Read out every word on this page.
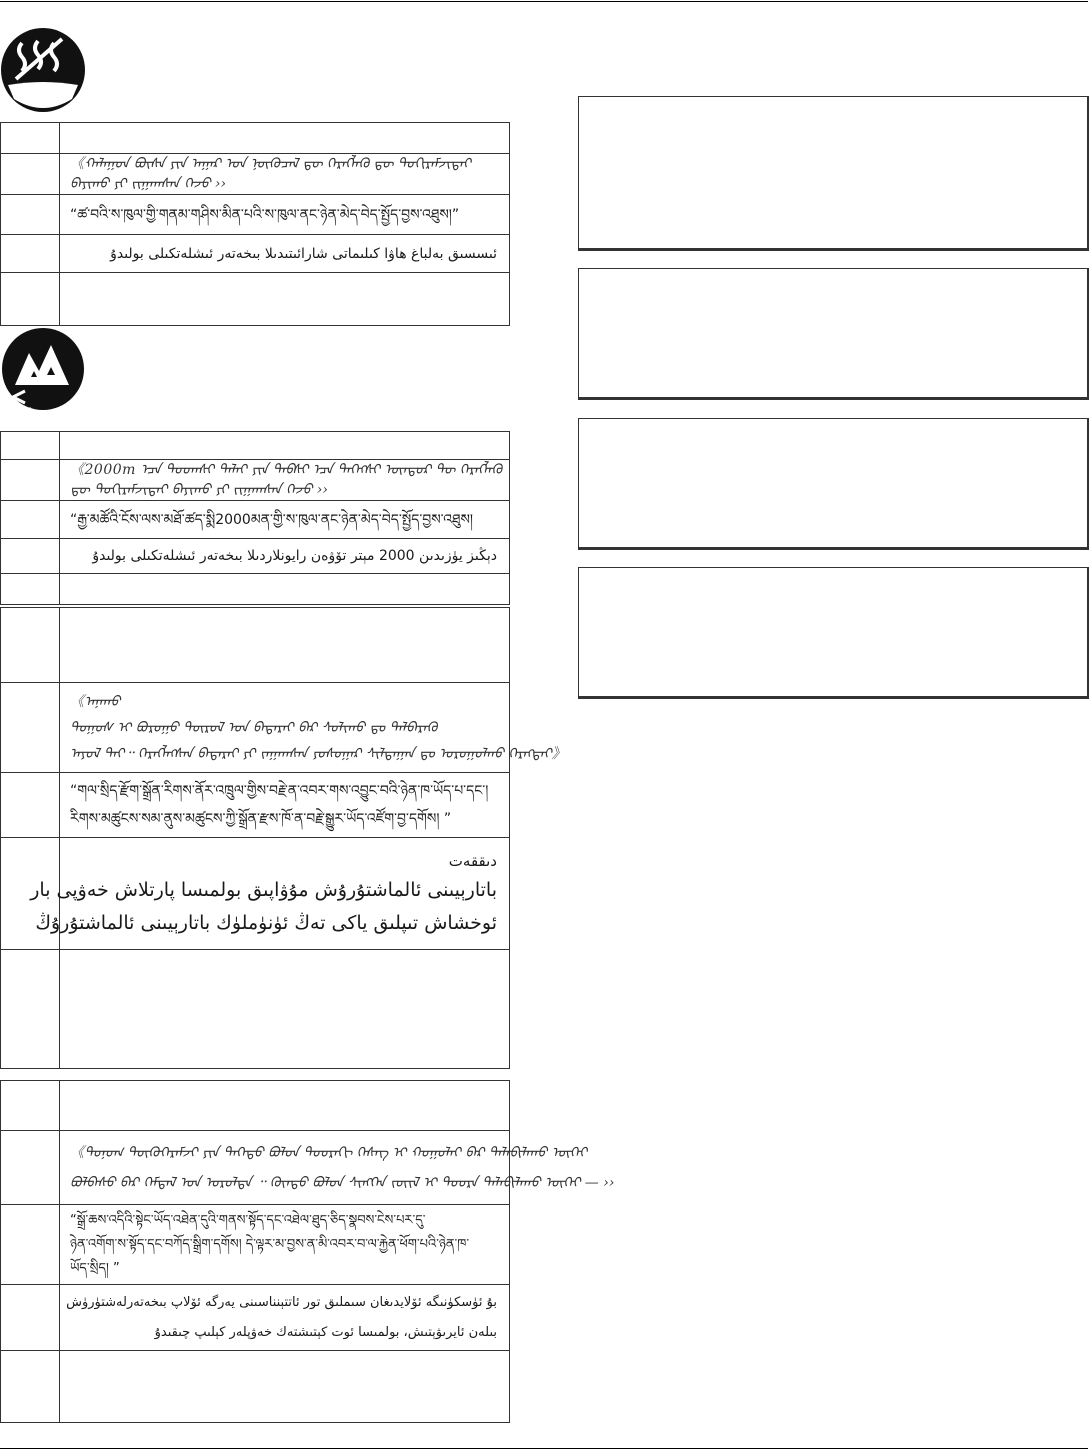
	《ᠬᠠᠯᠠᠭᠤᠨ ᠪᠦᠰᠡ ᠶᠢᠨ ᠠᠭᠠᠷ ᠤᠨ ᠨᠥᠬᠦᠴᠡᠯ ᠳᠦ ᠬᠡᠷᠡᠭᠯᠡᠬᠦ ᠳᠦ ᠲᠣᠬᠢᠷᠠᠮᠵᠢᠲᠠᠢ ᠪᠠᠶᠢᠬᠤ ᠶᠢ ᠵᠢᠭᠠᠭᠰᠠᠨ ᠭᠡᠵᠦ ››
	“ཚ་བའི་ས་ཁུལ་གྱི་གནམ་གཤིས་མིན་པའི་ས་ཁུལ་ནང་ཉེན་མེད་བེད་སྤྱོད་བྱས་འཐུས།”
	ئىسسىق بەلباغ ھاۋا كىلىماتى شارائىتىدىلا بىخەتەر ئىشلەتكىلى بولىدۇ

	《2000m ᠡᠴᠡ ᠳᠣᠣᠭᠰᠢ ᠳᠠᠯᠠᠢ ᠶᠢᠨ ᠲᠡᠪᠰᠢ ᠡᠴᠡ ᠳᠡᠭᠡᠭᠰᠢ ᠥᠨᠳᠦᠷ ᠲᠦ ᠬᠡᠷᠡᠭᠯᠡᠬᠦ ᠳᠦ ᠲᠣᠬᠢᠷᠠᠮᠵᠢᠲᠠᠢ ᠪᠠᠶᠢᠬᠤ ᠶᠢ ᠵᠢᠭᠠᠭᠰᠠᠨ ᠭᠡᠵᠦ ››
	“རྒྱ་མཚོའི་ངོས་ལས་མཐོ་ཚད་སྨི2000མན་གྱི་ས་ཁུལ་ནང་ཉེན་མེད་བེད་སྤྱོད་བྱས་འཐུས།
	دېڭىز يۈزىدىن 2000 مېتر تۆۋەن رايونلاردىلا بىخەتەر ئىشلەتكىلى بولىدۇ

	《ᠠᠨᠠᠬᠤ
ᠲᠣᠭᠤᠰ ᠢ ᠪᠤᠷᠤᠭᠤ ᠲᠥᠷᠥᠯ ᠤᠨ ᠪᠠᠲᠠᠷᠡᠢ ᠪᠠᠷ ᠰᠣᠯᠢᠬᠤ ᠳᠤ ᠳᠡᠯᠪᠡᠷᠡᠬᠦ
ᠠᠶᠤᠯ ᠲᠠᠢ᠃ ᠬᠡᠷᠡᠭᠯᠡᠭᠰᠡᠨ ᠪᠠᠲᠠᠷᠡᠢ ᠶᠢ ᠵᠠᠭᠠᠭᠰᠠᠨ ᠶᠣᠰᠣᠭᠠᠷ ᠰᠢᠯᠲᠠᠭᠠᠨ ᠳᠤ ᠣᠷᠣᠭᠤᠯᠬᠤ ᠬᠡᠷᠡᠭᠲᠡᠢ》

	“གལ་སྲིད་རྫོག་སྒྲོན་རིགས་ནོར་འཁྲུལ་གྱིས་བརྗེ་ན་འབར་གས་འབྱུང་བའི་ཉེན་ཁ་ཡོད་པ་དང་།
རིགས་མཚུངས་སམ་ནུས་མཚུངས་ཀྱི་སྒྲོན་རྫས་ཁོ་ན་བརྗེ་སྒྱུར་ཡོད་འཛོག་བྱ་དགོས། ”

	دىققەت
باتارېيىنى ئالماشتۇرۇش مۇۋاپىق بولمىسا پارتلاش خەۋپى بار
ئوخشاش تىپلىق ياكى تەڭ ئۈنۈملۈك باتارېيىنى ئالماشتۇرۇڭ

	《ᠲᠣᠨᠣᠭ ᠲᠥᠬᠥᠭᠡᠷᠡᠮᠵᠢ ᠶᠢᠨ ᠲᠡᠭᠡᠳᠦ ᠪᠣᠯᠤᠨ ᠳᠣᠣᠷᠠᠬᠢ ᠬᠡᠰᠡᠭ ᠢ ᠬᠣᠭᠤᠯᠠᠢ ᠪᠠᠷ ᠲᠠᠯᠠᠪᠢᠯᠠᠬᠤ ᠦᠭᠡᠢ
ᠪᠣᠯᠪᠠᠰᠤ ᠪᠠᠷ ᠭᠡᠮᠳᠡᠯ ᠤᠨ ᠣᠷᠣᠯᠲᠠ ᠃ ᠬᠦᠨᠳᠦ ᠪᠣᠯᠤᠨ ᠰᠢᠩᠭᠡᠨ ᠵᠦᠢᠯ ᠢ ᠳᠣᠣᠷᠠ ᠲᠠᠯᠠᠪᠢᠯᠠᠬᠤ ᠦᠭᠡᠢ — ››

	“སྒྲོ་ཆས་འདིའི་སྟེང་ཡོད་འཐེན་དུའི་གནས་སྟོད་དང་འཐེལ་ཐུད་ཅིད་སྣབས་ངེས་པར་དུ་
ཉེན་འགོག་ས་སྟོད་དང་བཀོད་སྒྲིག་དགོས། དེ་ལྟར་མ་བྱས་ན་མི་འབར་བ་ལ་རྐྱེན་ཕོག་པའི་ཉེན་ཁ་
ཡོད་སྲིད། ”

	بۇ ئۈسكۈنىگە ئۆلايدىغان سىملىق تور ئاتتېنناسىنى يەرگە ئۆلاپ بىخەتەرلەشتۈرۈش
بىلەن ئايرىۋېتىش، بولمىسا ئوت كېتىشتەك خەۋپلەر كېلىپ چىقىدۇ
